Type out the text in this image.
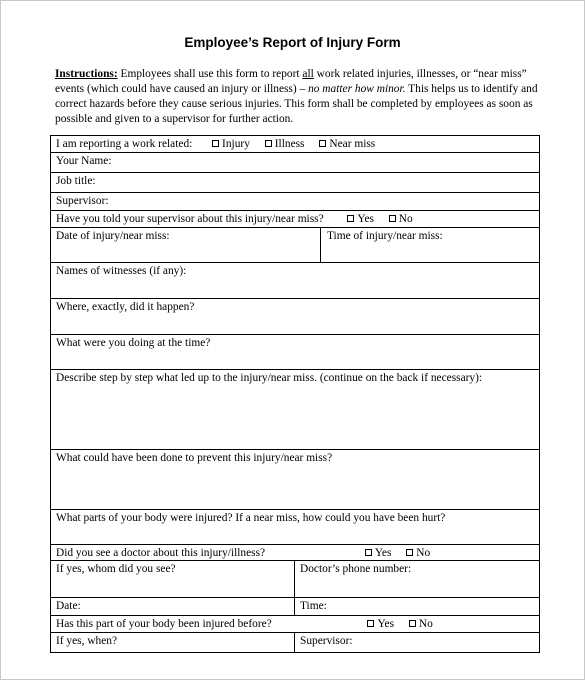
Employee’s Report of Injury Form
Instructions: Employees shall use this form to report all work related injuries, illnesses, or “near miss” events (which could have caused an injury or illness) – no matter how minor. This helps us to identify and correct hazards before they cause serious injuries. This form shall be completed by employees as soon as possible and given to a supervisor for further action.
I am reporting a work related: Injury Illness Near miss		
Your Name:		
Job title:		
Supervisor:		
Have you told your supervisor about this injury/near miss? Yes No		
Date of injury/near miss:		Time of injury/near miss:
Names of witnesses (if any):		
Where, exactly, did it happen?		
What were you doing at the time?		
Describe step by step what led up to the injury/near miss. (continue on the back if necessary):		
What could have been done to prevent this injury/near miss?		
What parts of your body were injured? If a near miss, how could you have been hurt?		
Did you see a doctor about this injury/illness? Yes No		
If yes, whom did you see?	Doctor’s phone number:	
Date:	Time:	
Has this part of your body been injured before? Yes No		
If yes, when?	Supervisor:	
